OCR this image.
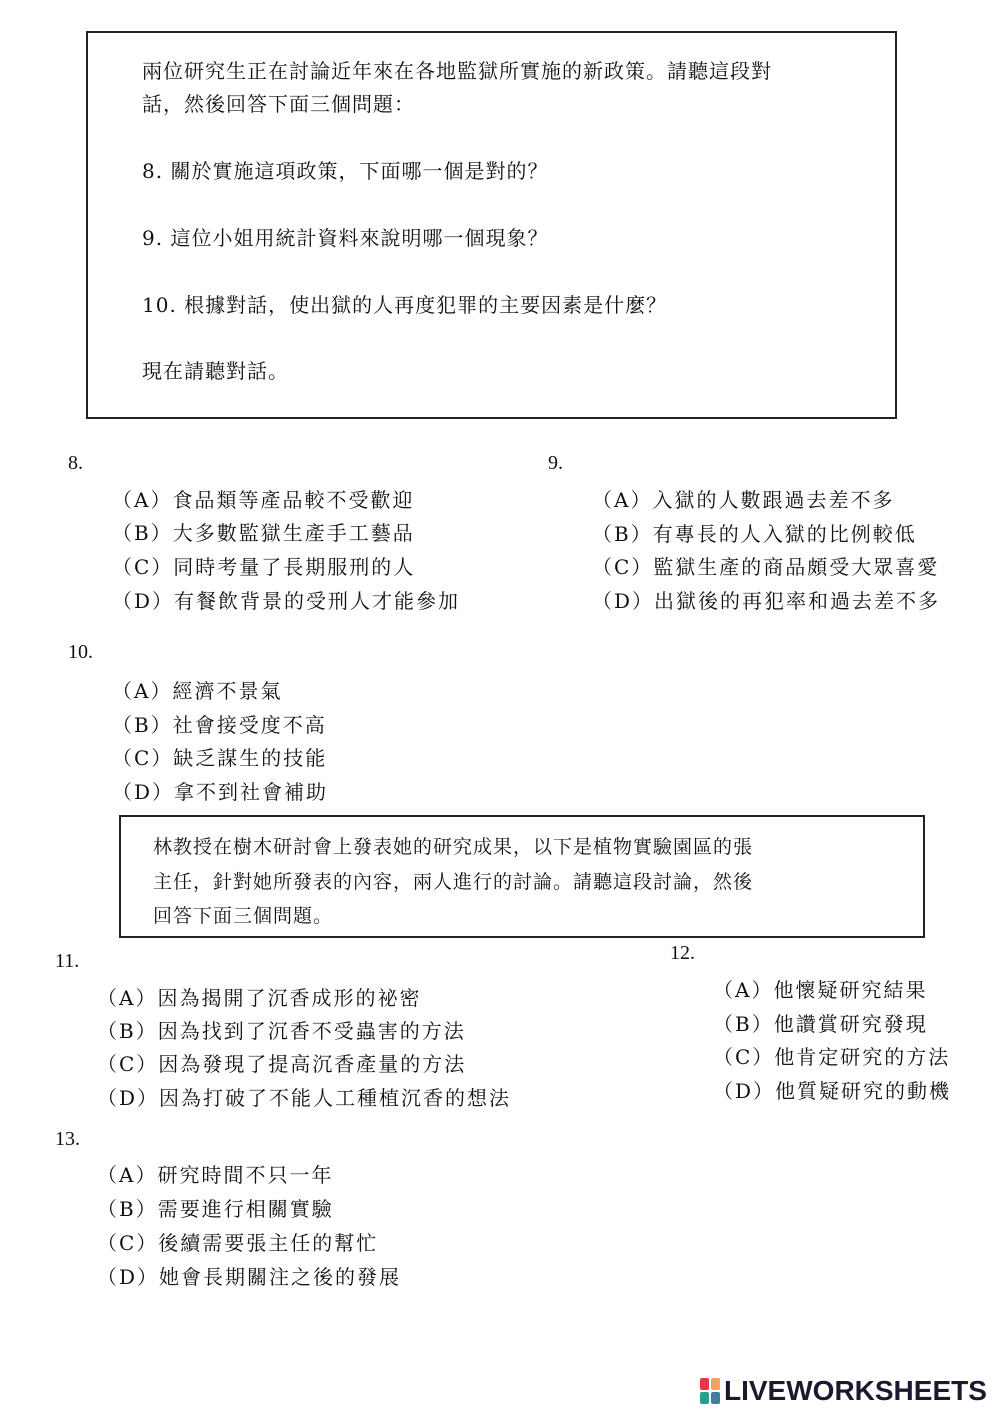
兩位研究生正在討論近年來在各地監獄所實施的新政策。請聽這段對

話，然後回答下面三個問題：

8. 關於實施這項政策，下面哪一個是對的？

9. 這位小姐用統計資料來說明哪一個現象？

10. 根據對話，使出獄的人再度犯罪的主要因素是什麼？

現在請聽對話。

8.
（A）食品類等產品較不受歡迎
（B）大多數監獄生產手工藝品
（C）同時考量了長期服刑的人
（D）有餐飲背景的受刑人才能參加
9.
（A）入獄的人數跟過去差不多
（B）有專長的人入獄的比例較低
（C）監獄生產的商品頗受大眾喜愛
（D）出獄後的再犯率和過去差不多
10.
（A）經濟不景氣
（B）社會接受度不高
（C）缺乏謀生的技能
（D）拿不到社會補助

林教授在樹木研討會上發表她的研究成果，以下是植物實驗園區的張

主任，針對她所發表的內容，兩人進行的討論。請聽這段討論，然後

回答下面三個問題。

11.
（A）因為揭開了沉香成形的祕密
（B）因為找到了沉香不受蟲害的方法
（C）因為發現了提高沉香產量的方法
（D）因為打破了不能人工種植沉香的想法
12.
（A）他懷疑研究結果
（B）他讚賞研究發現
（C）他肯定研究的方法
（D）他質疑研究的動機
13.
（A）研究時間不只一年
（B）需要進行相關實驗
（C）後續需要張主任的幫忙
（D）她會長期關注之後的發展
LIVEWORKSHEETS
